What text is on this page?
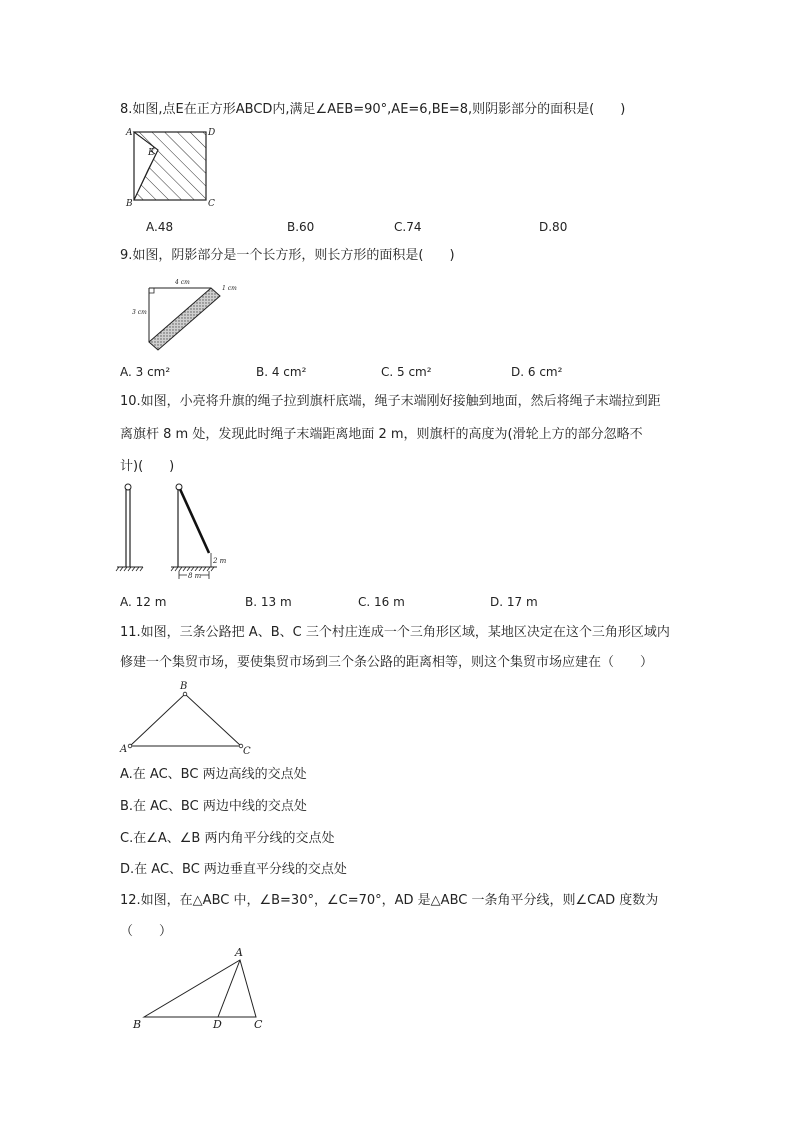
8.如图,点E在正方形ABCD内,满足∠AEB=90°,AE=6,BE=8,则阴影部分的面积是(　　)
A	D
B	C
E
A.48	B.60	C.74	D.80
9.如图，阴影部分是一个长方形，则长方形的面积是(　　)
4 cm
3 cm
1 cm
A. 3 cm²	B. 4 cm²	C. 5 cm²	D. 6 cm²
10.如图，小亮将升旗的绳子拉到旗杆底端，绳子末端刚好接触到地面，然后将绳子末端拉到距
离旗杆 8 m 处，发现此时绳子末端距离地面 2 m，则旗杆的高度为(滑轮上方的部分忽略不
计)(　　)
2 m
8 m
A. 12 m	B. 13 m	C. 16 m	D. 17 m
11.如图，三条公路把 A、B、C 三个村庄连成一个三角形区域，某地区决定在这个三角形区域内
修建一个集贸市场，要使集贸市场到三个条公路的距离相等，则这个集贸市场应建在（　　）
B
A	C
A.在 AC、BC 两边高线的交点处
B.在 AC、BC 两边中线的交点处
C.在∠A、∠B 两内角平分线的交点处
D.在 AC、BC 两边垂直平分线的交点处
12.如图，在△ABC 中，∠B=30°，∠C=70°，AD 是△ABC 一条角平分线，则∠CAD 度数为
（　　）
A
B	D	C
